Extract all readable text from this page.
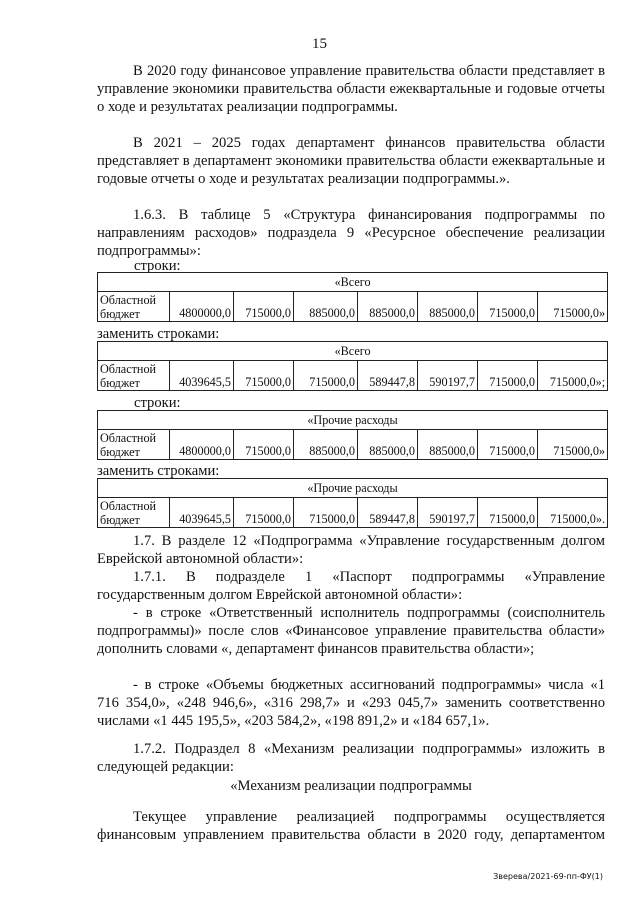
15
В 2020 году финансовое управление правительства области представляет в управление экономики правительства области ежеквартальные и годовые отчеты о ходе и результатах реализации подпрограммы.
В 2021 – 2025 годах департамент финансов правительства области представляет в департамент экономики правительства области ежеквартальные и годовые отчеты о ходе и результатах реализации подпрограммы.».
1.6.3. В таблице 5 «Структура финансирования подпрограммы по направлениям расходов» подраздела 9 «Ресурсное обеспечение реализации подпрограммы»:
строки:
«Всего
Областной бюджет	4800000,0	715000,0	885000,0	885000,0	885000,0	715000,0	715000,0»
заменить строками:
«Всего
Областной бюджет	4039645,5	715000,0	715000,0	589447,8	590197,7	715000,0	715000,0»;
строки:
«Прочие расходы
Областной бюджет	4800000,0	715000,0	885000,0	885000,0	885000,0	715000,0	715000,0»
заменить строками:
«Прочие расходы
Областной бюджет	4039645,5	715000,0	715000,0	589447,8	590197,7	715000,0	715000,0».
1.7. В разделе 12 «Подпрограмма «Управление государственным долгом Еврейской автономной области»:
1.7.1. В подразделе 1 «Паспорт подпрограммы «Управление государственным долгом Еврейской автономной области»:
- в строке «Ответственный исполнитель подпрограммы (соисполнитель подпрограммы)» после слов «Финансовое управление правительства области» дополнить словами «, департамент финансов правительства области»;
- в строке «Объемы бюджетных ассигнований подпрограммы» числа «1 716 354,0», «248 946,6», «316 298,7» и «293 045,7» заменить соответственно числами «1 445 195,5», «203 584,2», «198 891,2» и «184 657,1».
1.7.2. Подраздел 8 «Механизм реализации подпрограммы» изложить в следующей редакции:
«Механизм реализации подпрограммы
Текущее управление реализацией подпрограммы осуществляется финансовым управлением правительства области в 2020 году, департаментом
Зверева/2021-69-пп-ФУ(1)
